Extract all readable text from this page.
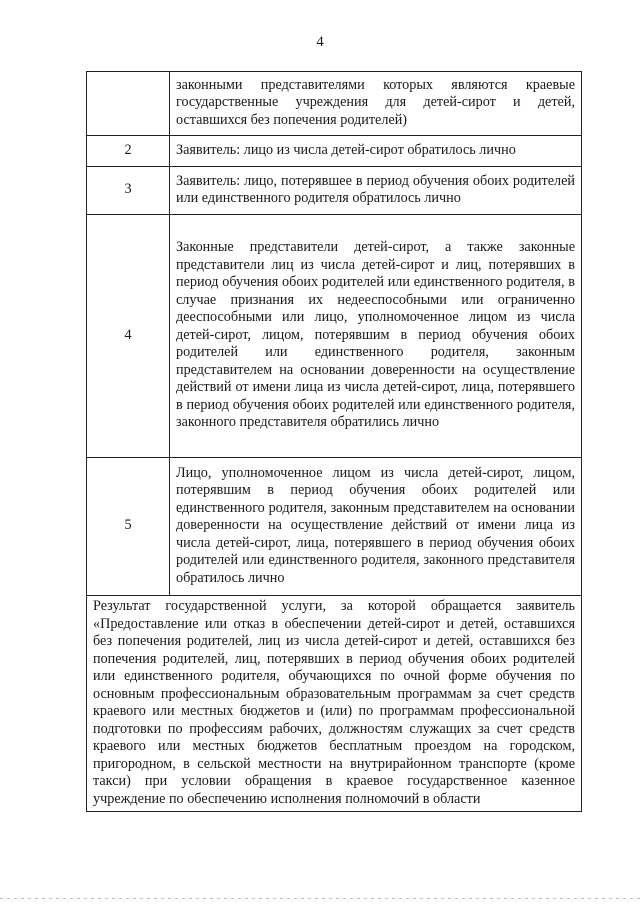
4
	законными представителями которых являются краевые государственные учреждения для детей-сирот и детей, оставшихся без попечения родителей)
2	Заявитель: лицо из числа детей-сирот обратилось лично
3	Заявитель: лицо, потерявшее в период обучения обоих родителей или единственного родителя обратилось лично
4	Законные представители детей-сирот, а также законные представители лиц из числа детей-сирот и лиц, потерявших в период обучения обоих родителей или единственного родителя, в случае признания их недееспособными или ограниченно дееспособными или лицо, уполномоченное лицом из числа детей-сирот, лицом, потерявшим в период обучения обоих родителей или единственного родителя, законным представителем на основании доверенности на осуществление действий от имени лица из числа детей-сирот, лица, потерявшего в период обучения обоих родителей или единственного родителя, законного представителя обратились лично
5	Лицо, уполномоченное лицом из числа детей-сирот, лицом, потерявшим в период обучения обоих родителей или единственного родителя, законным представителем на основании доверенности на осуществление действий от имени лица из числа детей-сирот, лица, потерявшего в период обучения обоих родителей или единственного родителя, законного представителя обратилось лично
Результат государственной услуги, за которой обращается заявитель «Предоставление или отказ в обеспечении детей-сирот и детей, оставшихся без попечения родителей, лиц из числа детей-сирот и детей, оставшихся без попечения родителей, лиц, потерявших в период обучения обоих родителей или единственного родителя, обучающихся по очной форме обучения по основным профессиональным образовательным программам за счет средств краевого или местных бюджетов и (или) по программам профессиональной подготовки по профессиям рабочих, должностям служащих за счет средств краевого или местных бюджетов бесплатным проездом на городском, пригородном, в сельской местности на внутрирайонном транспорте (кроме такси) при условии обращения в краевое государственное казенное учреждение по обеспечению исполнения полномочий в области	
